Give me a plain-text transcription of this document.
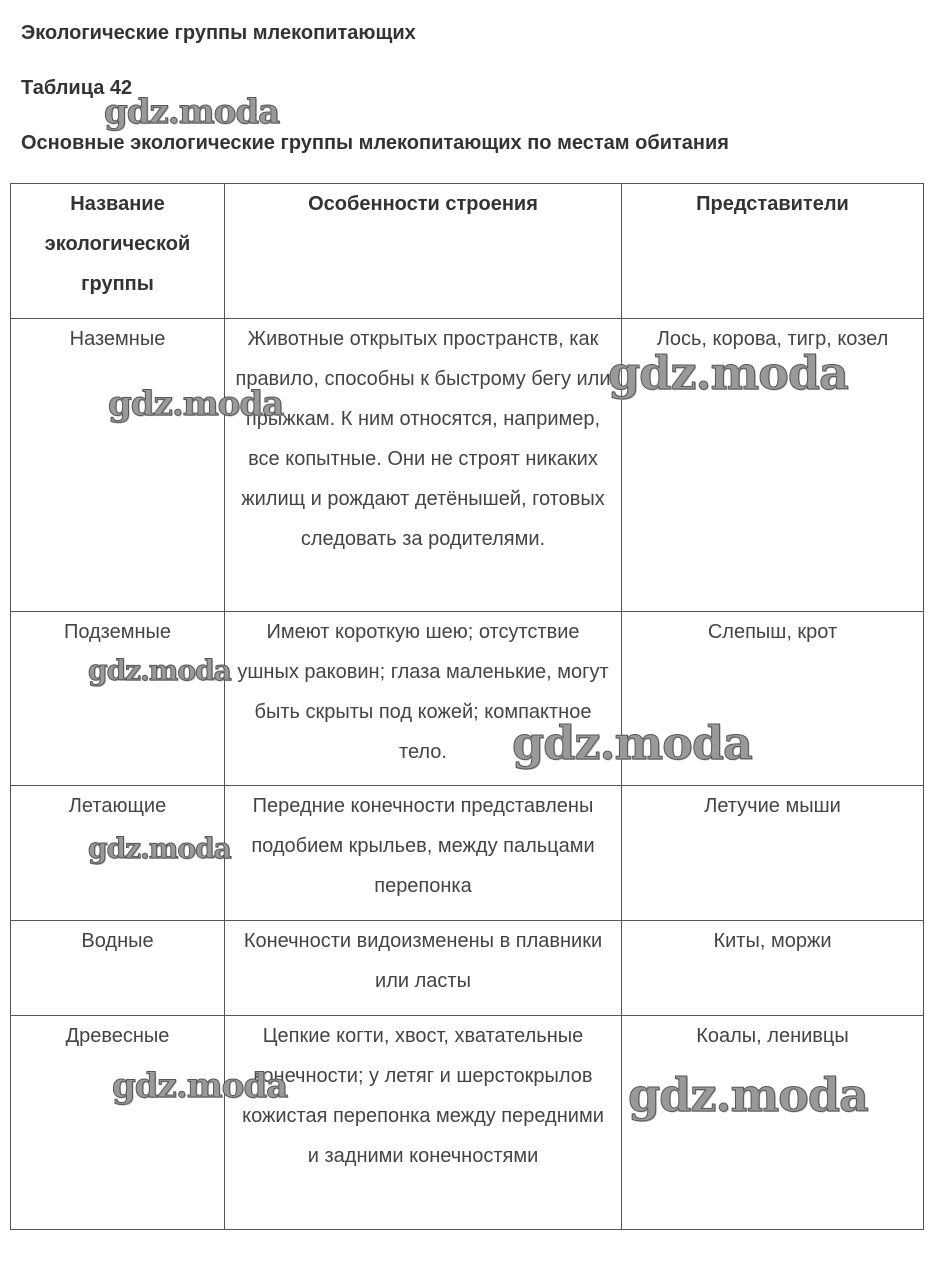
Экологические группы млекопитающих
Таблица 42
Основные экологические группы млекопитающих по местам обитания
Название экологической группы	Особенности строения	Представители
Наземные	Животные открытых пространств, как правило, способны к быстрому бегу или прыжкам. К ним относятся, например, все копытные. Они не строят никаких жилищ и рождают детёнышей, готовых следовать за родителями.	Лось, корова, тигр, козел
Подземные	Имеют короткую шею; отсутствие ушных раковин; глаза маленькие, могут быть скрыты под кожей; компактное тело.	Слепыш, крот
Летающие	Передние конечности представлены подобием крыльев, между пальцами перепонка	Летучие мыши
Водные	Конечности видоизменены в плавники или ласты	Киты, моржи
Древесные	Цепкие когти, хвост, хватательные конечности; у летяг и шерстокрылов кожистая перепонка между передними и задними конечностями	Коалы, ленивцы
gdz.moda
gdz.moda
gdz.moda
gdz.moda
gdz.moda
gdz.moda
gdz.moda	gdz.moda
